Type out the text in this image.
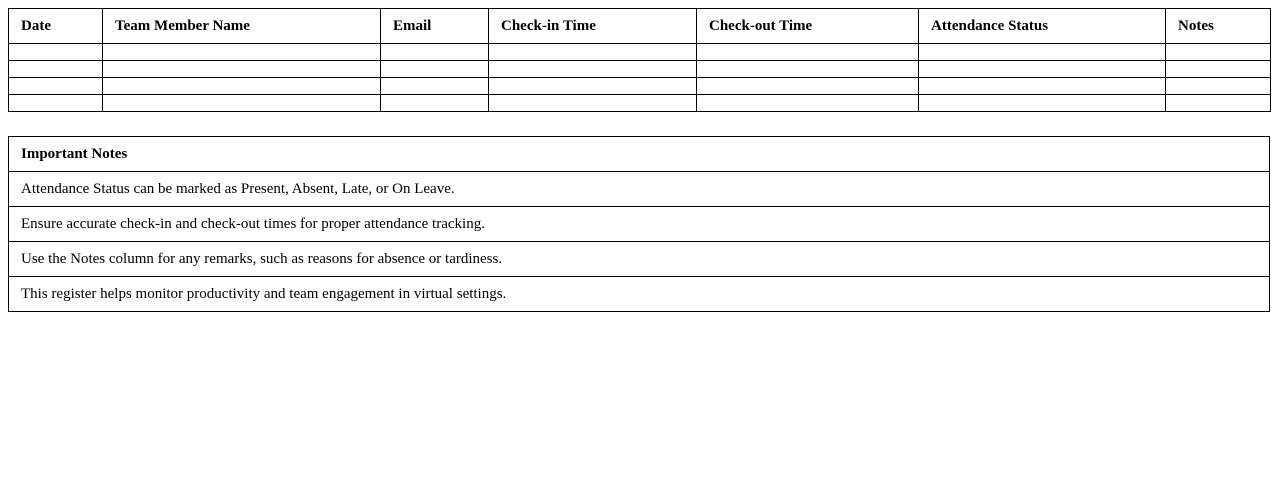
Date	Team Member Name	Email	Check-in Time	Check-out Time	Attendance Status	Notes

Important Notes
Attendance Status can be marked as Present, Absent, Late, or On Leave.
Ensure accurate check-in and check-out times for proper attendance tracking.
Use the Notes column for any remarks, such as reasons for absence or tardiness.
This register helps monitor productivity and team engagement in virtual settings.
